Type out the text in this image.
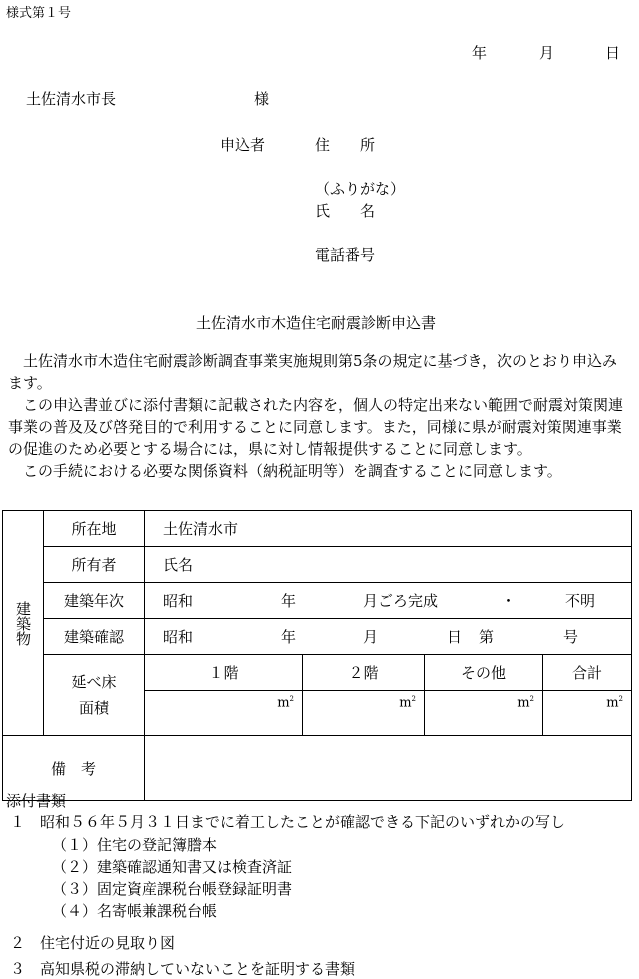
様式第１号
年	月	日
土佐清水市長	様
申込者	住　　所
（ふりがな）
氏　　名
電話番号
土佐清水市木造住宅耐震診断申込書

土佐清水市木造住宅耐震診断調査事業実施規則第5条の規定に基づき，次のとおり申込みます。

この申込書並びに添付書類に記載された内容を，個人の特定出来ない範囲で耐震対策関連事業の普及及び啓発目的で利用することに同意します。また，同様に県が耐震対策関連事業の促進のため必要とする場合には，県に対し情報提供することに同意します。

この手続における必要な関係資料（納税証明等）を調査することに同意します。

建築物
	所在地	土佐清水市
所有者	氏名
建築年次	昭和	年	月ごろ完成	・	不明

建築確認	昭和	年	月	日	第	号

延べ床
面積

１階	２階	その他	合計
$m^2$	$m^2$	$m^2$	$m^2$

備　考	
添付書類
１　昭和５６年５月３１日までに着工したことが確認できる下記のいずれかの写し
（１）住宅の登記簿謄本
（２）建築確認通知書又は検査済証
（３）固定資産課税台帳登録証明書
（４）名寄帳兼課税台帳
２　住宅付近の見取り図
３　高知県税の滞納していないことを証明する書類
